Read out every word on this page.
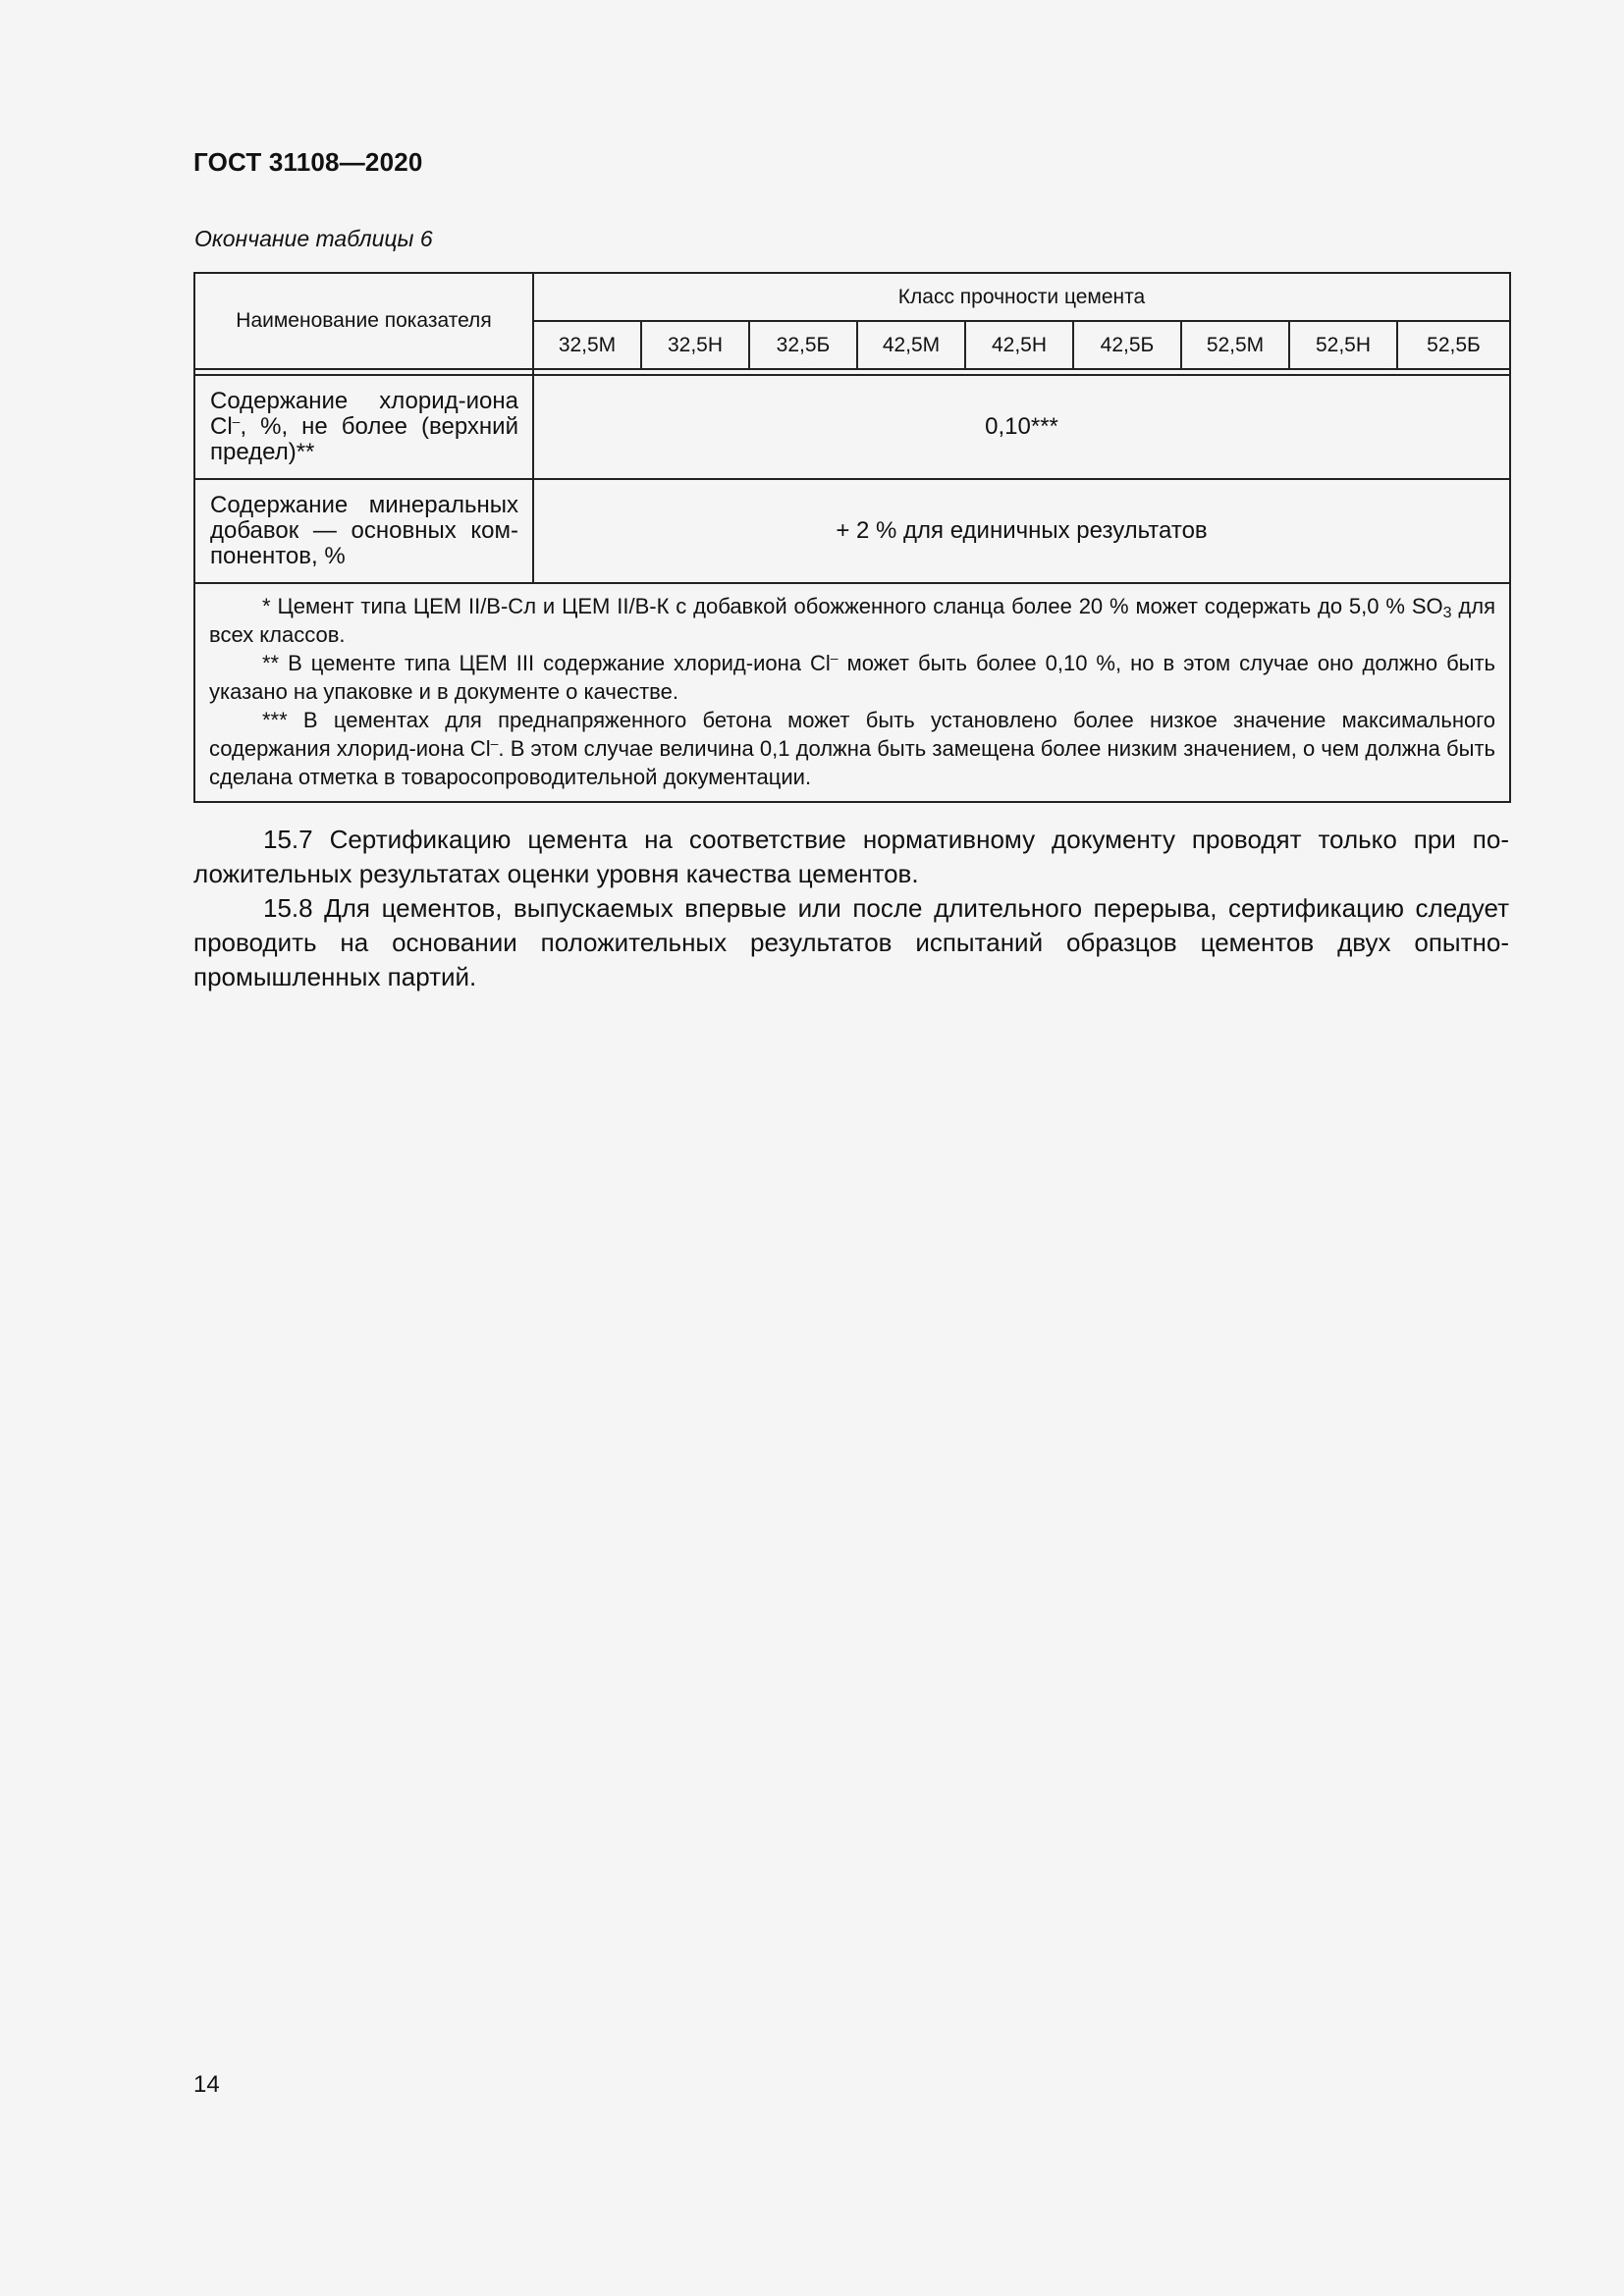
ГОСТ 31108—2020
Окончание таблицы 6
Наименование показателя	Класс прочности цемента								
	32,5М	32,5Н	32,5Б	42,5М	42,5Н	42,5Б	52,5М	52,5Н	52,5Б

Содержание хлорид-иона Cl–, %, не более (верхний предел)**	0,10***								
Содержание минеральных добавок — основных компонентов, %	+ 2 % для единичных результатов								

* Цемент типа ЦЕМ II/В-Сл и ЦЕМ II/В-К с добавкой обожженного сланца более 20 % может содержать до 5,0 % $SO_3$ для всех классов.

** В цементе типа ЦЕМ III содержание хлорид-иона Cl– может быть более 0,10 %, но в этом случае оно должно быть указано на упаковке и в документе о качестве.

*** В цементах для преднапряженного бетона может быть установлено более низкое значение максимального содержания хлорид-иона Cl–. В этом случае величина 0,1 должна быть замещена более низким значением, о чем должна быть сделана отметка в товаросопроводительной документации.									

15.7 Сертификацию цемента на соответствие нормативному документу проводят только при положительных результатах оценки уровня качества цементов.

15.8 Для цементов, выпускаемых впервые или после длительного перерыва, сертификацию следует проводить на основании положительных результатов испытаний образцов цементов двух опытно-промышленных партий.

14
